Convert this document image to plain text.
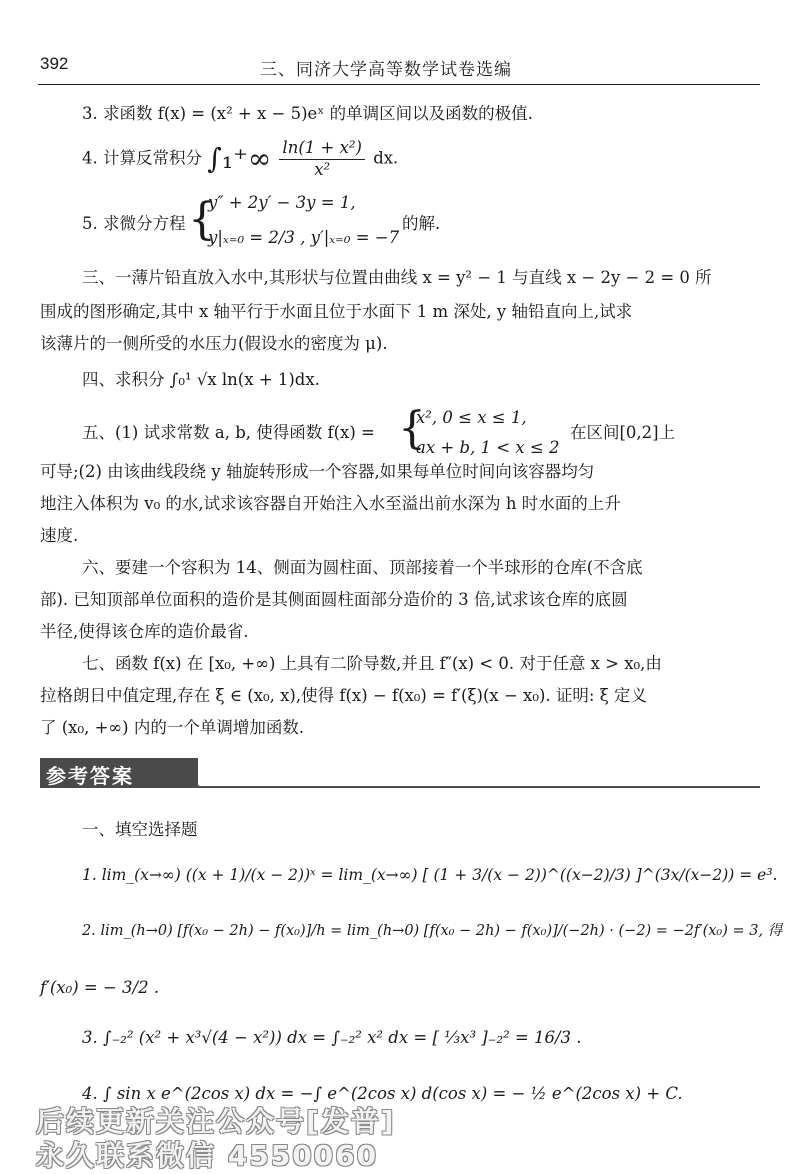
392	三、同济大学高等数学试卷选编
3. 求函数 f(x) = (x² + x − 5)eˣ 的单调区间以及函数的极值.
4. 计算反常积分 $\int_1^+\infty \frac{\text{ln(1 + x²)}}{\text{x²}}$ dx.
5. 求微分方程 {
y″ + 2y′ − 3y = 1,
y|ₓ₌₀ = 2/3 , y′|ₓ₌₀ = −7
的解.
三、一薄片铅直放入水中,其形状与位置由曲线 x = y² − 1 与直线 x − 2y − 2 = 0 所
围成的图形确定,其中 x 轴平行于水面且位于水面下 1 m 深处, y 轴铅直向上,试求
该薄片的一侧所受的水压力(假设水的密度为 μ).
四、求积分 ∫₀¹ √x ln(x + 1)dx.
五、(1) 试求常数 a, b, 使得函数 f(x) = {
x², 0 ≤ x ≤ 1,
ax + b, 1 < x ≤ 2
在区间[0,2]上
可导;(2) 由该曲线段绕 y 轴旋转形成一个容器,如果每单位时间向该容器均匀
地注入体积为 v₀ 的水,试求该容器自开始注入水至溢出前水深为 h 时水面的上升
速度.
六、要建一个容积为 14、侧面为圆柱面、顶部接着一个半球形的仓库(不含底
部). 已知顶部单位面积的造价是其侧面圆柱面部分造价的 3 倍,试求该仓库的底圆
半径,使得该仓库的造价最省.
七、函数 f(x) 在 [x₀, +∞) 上具有二阶导数,并且 f″(x) < 0. 对于任意 x > x₀,由
拉格朗日中值定理,存在 ξ ∈ (x₀, x),使得 f(x) − f(x₀) = f′(ξ)(x − x₀). 证明: ξ 定义
了 (x₀, +∞) 内的一个单调增加函数.
参考答案
一、填空选择题
1. lim_(x→∞) ((x + 1)/(x − 2))ˣ = lim_(x→∞) [ (1 + 3/(x − 2))^((x−2)/3) ]^(3x/(x−2)) = e³.
2. lim_(h→0) [f(x₀ − 2h) − f(x₀)]/h = lim_(h→0) [f(x₀ − 2h) − f(x₀)]/(−2h) · (−2) = −2f′(x₀) = 3, 得
f′(x₀) = − 3/2 .
3. ∫₋₂² (x² + x³√(4 − x²)) dx = ∫₋₂² x² dx = [ ⅓x³ ]₋₂² = 16/3 .
4. ∫ sin x e^(2cos x) dx = −∫ e^(2cos x) d(cos x) = − ½ e^(2cos x) + C.
后续更新关注公众号[发普]
永久联系微信 4550060
